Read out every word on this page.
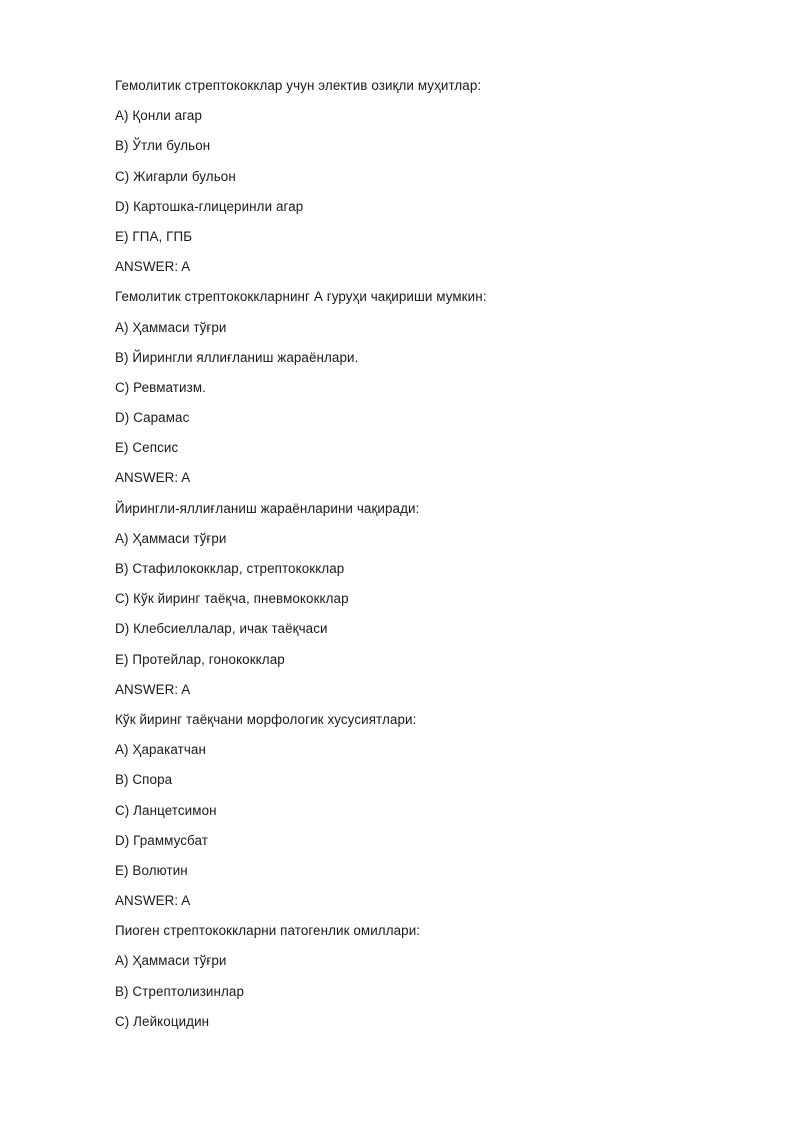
Гемолитик стрептококклар учун электив озиқли муҳитлар:
A) Қонли агар
B) Ўтли бульон
C) Жигарли бульон
D) Картошка-глицеринли агар
E) ГПА, ГПБ
ANSWER: A
Гемолитик стрептококкларнинг А гуруҳи чақириши мумкин:
A) Ҳаммаси тўғри
B) Йирингли яллиғланиш жараёнлари.
C) Ревматизм.
D) Сарамас
E) Сепсис
ANSWER: A
Йирингли-яллиғланиш жараёнларини чақиради:
A) Ҳаммаси тўғри
B) Стафилококклар, стрептококклар
C) Кўк йиринг таёқча, пневмококклар
D) Клебсиеллалар, ичак таёқчаси
E) Протейлар, гонококклар
ANSWER: A
Кўк йиринг таёқчани морфологик хусусиятлари:
A) Ҳаракатчан
B) Спора
C) Ланцетсимон
D) Граммусбат
E) Волютин
ANSWER: A
Пиоген стрептококкларни патогенлик омиллари:
A) Ҳаммаси тўғри
B) Стрептолизинлар
C) Лейкоцидин
